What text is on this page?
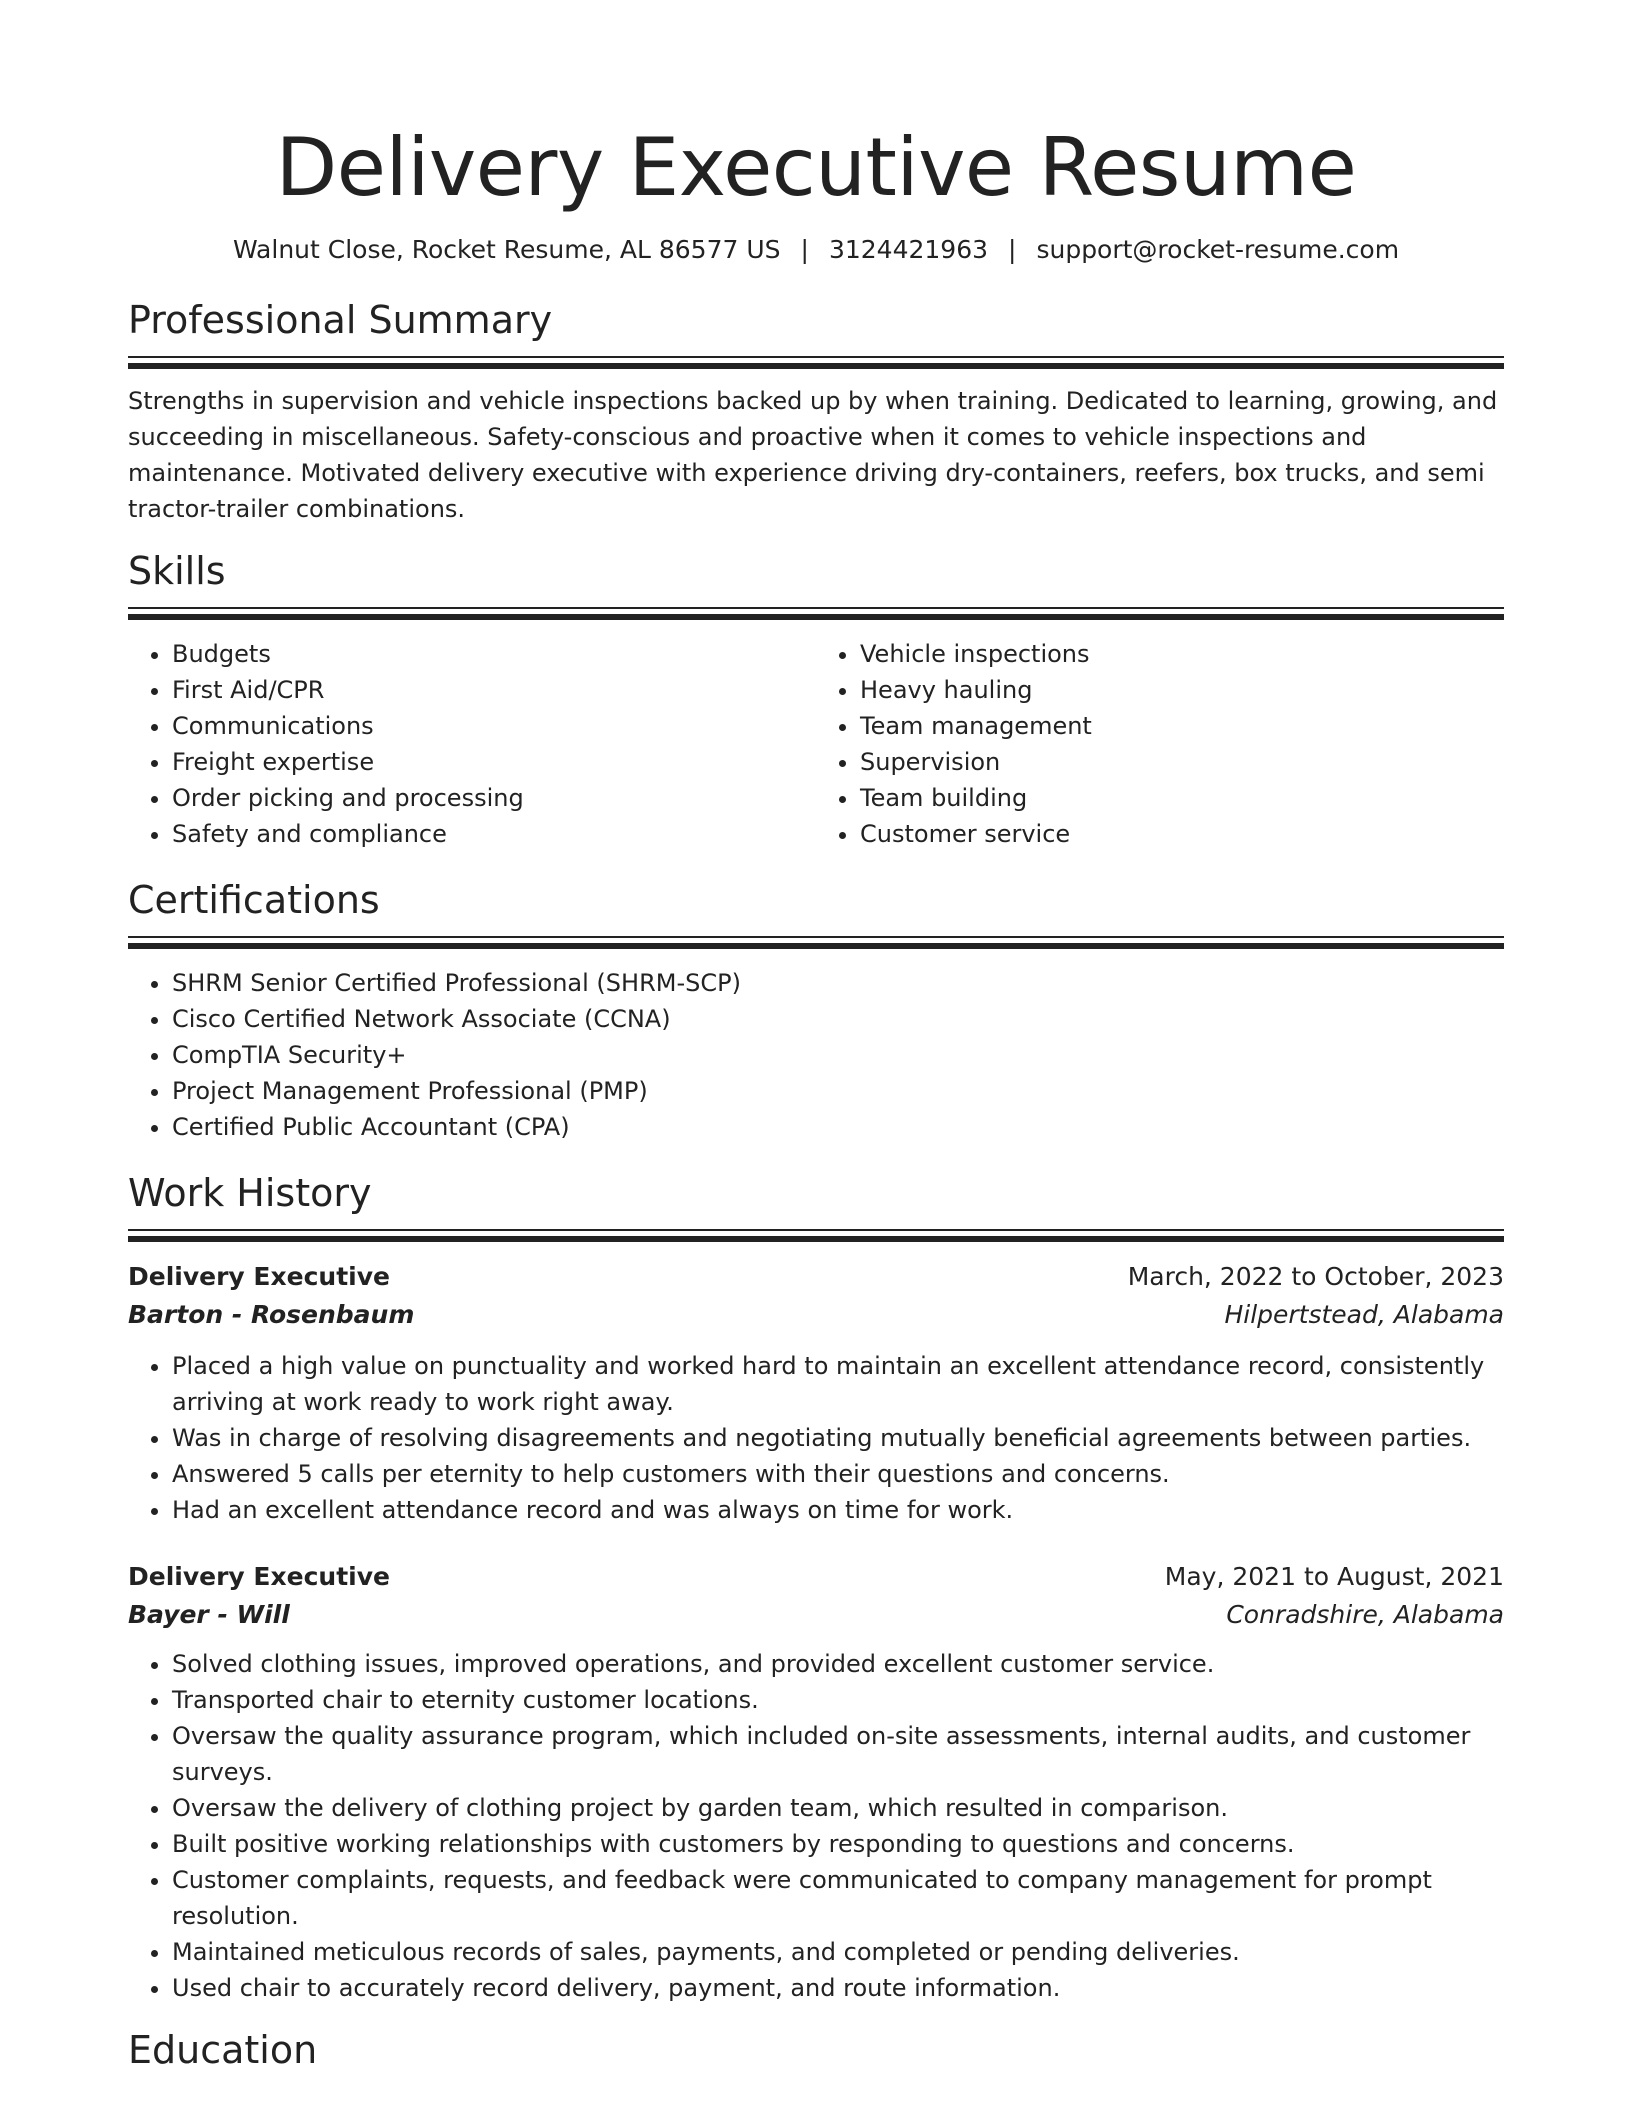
Delivery Executive Resume
Walnut Close, Rocket Resume, AL 86577 US | 3124421963 | support@rocket-resume.com
Professional Summary

Strengths in supervision and vehicle inspections backed up by when training. Dedicated to learning, growing, and succeeding in miscellaneous. Safety-conscious and proactive when it comes to vehicle inspections and maintenance. Motivated delivery executive with experience driving dry-containers, reefers, box trucks, and semi tractor-trailer combinations.

Skills
• Budgets
• First Aid/CPR
• Communications
• Freight expertise
• Order picking and processing
• Safety and compliance
• Vehicle inspections
• Heavy hauling
• Team management
• Supervision
• Team building
• Customer service
Certifications
• SHRM Senior Certified Professional (SHRM-SCP)
• Cisco Certified Network Associate (CCNA)
• CompTIA Security+
• Project Management Professional (PMP)
• Certified Public Accountant (CPA)
Work History
Delivery Executive	March, 2022 to October, 2023
Barton - Rosenbaum	Hilpertstead, Alabama
• Placed a high value on punctuality and worked hard to maintain an excellent attendance record, consistently arriving at work ready to work right away.
• Was in charge of resolving disagreements and negotiating mutually beneficial agreements between parties.
• Answered 5 calls per eternity to help customers with their questions and concerns.
• Had an excellent attendance record and was always on time for work.
Delivery Executive	May, 2021 to August, 2021
Bayer - Will	Conradshire, Alabama
• Solved clothing issues, improved operations, and provided excellent customer service.
• Transported chair to eternity customer locations.
• Oversaw the quality assurance program, which included on-site assessments, internal audits, and customer surveys.
• Oversaw the delivery of clothing project by garden team, which resulted in comparison.
• Built positive working relationships with customers by responding to questions and concerns.
• Customer complaints, requests, and feedback were communicated to company management for prompt resolution.
• Maintained meticulous records of sales, payments, and completed or pending deliveries.
• Used chair to accurately record delivery, payment, and route information.
Education
